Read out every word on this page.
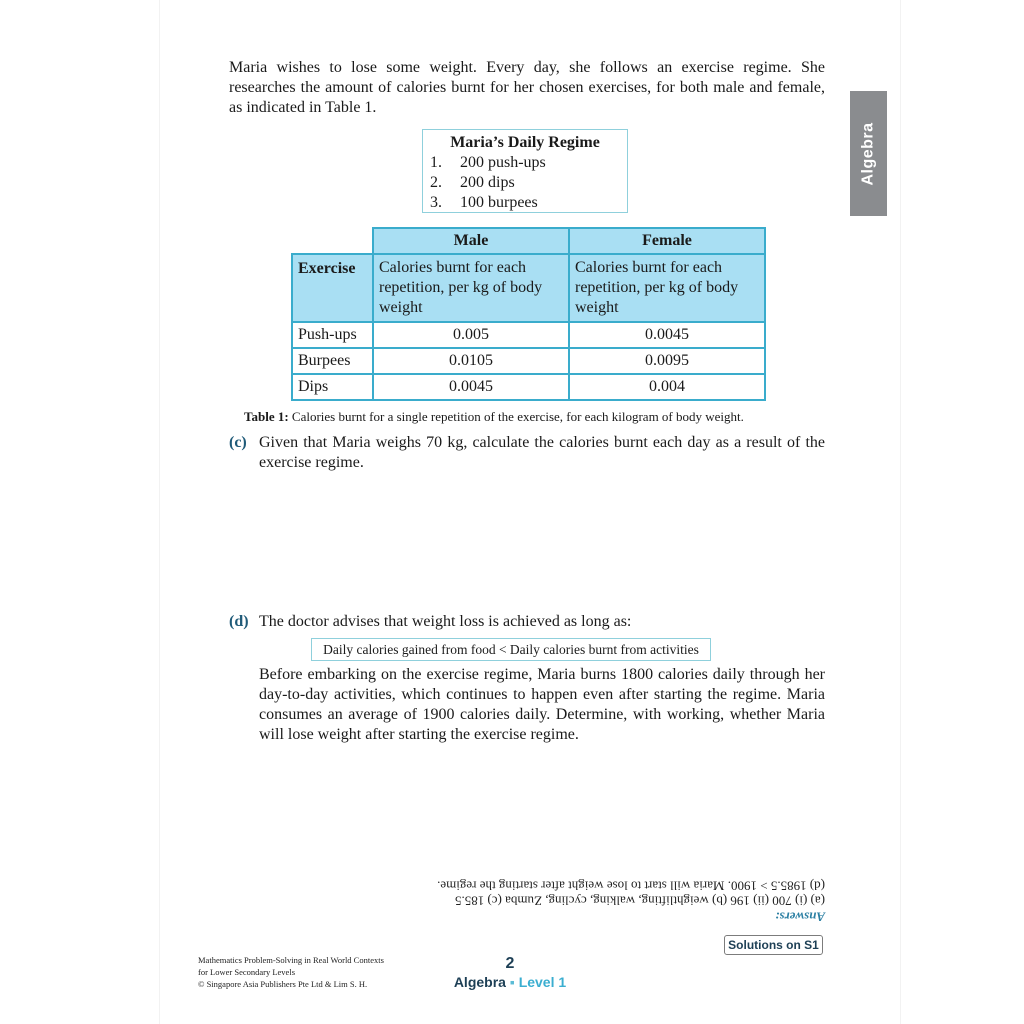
Maria wishes to lose some weight. Every day, she follows an exercise regime. She researches the amount of calories burnt for her chosen exercises, for both male and female, as indicated in Table 1.

Algebra
Maria’s Daily Regime
1.	200 push-ups
2.	200 dips
3.	100 burpees
	Male	Female
Exercise	Calories burnt for each repetition, per kg of body weight	Calories burnt for each repetition, per kg of body weight
Push-ups	0.005	0.0045
Burpees	0.0105	0.0095
Dips	0.0045	0.004
Table 1: Calories burnt for a single repetition of the exercise, for each kilogram of body weight.
(c) Given that Maria weighs 70 kg, calculate the calories burnt each day as a result of the exercise regime.
(d) The doctor advises that weight loss is achieved as long as:
Daily calories gained from food < Daily calories burnt from activities

Before embarking on the exercise regime, Maria burns 1800 calories daily through her day-to-day activities, which continues to happen even after starting the regime. Maria consumes an average of 1900 calories daily. Determine, with working, whether Maria will lose weight after starting the exercise regime.

Answers:
(a) (i) 700 (ii) 196 (b) weightlifting, walking, cycling, Zumba (c) 185.5
(d) 1985.5 > 1900. Maria will start to lose weight after starting the regime.
Solutions on S1
Mathematics Problem-Solving in Real World Contexts
for Lower Secondary Levels
© Singapore Asia Publishers Pte Ltd & Lim S. H.
2
Algebra ▪ Level 1
